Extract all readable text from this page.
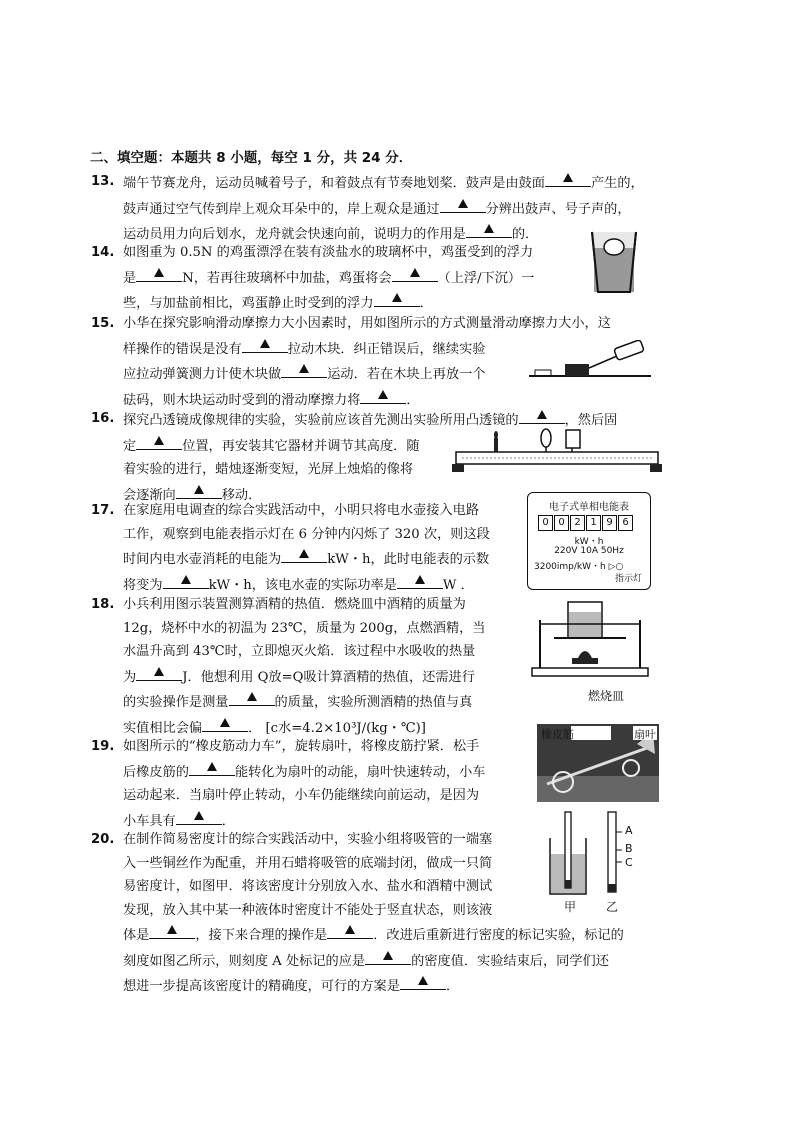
二、填空题：本题共 8 小题，每空 1 分，共 24 分．
13. 端午节赛龙舟，运动员喊着号子，和着鼓点有节奏地划桨．鼓声是由鼓面	产生的，
鼓声通过空气传到岸上观众耳朵中的，岸上观众是通过	分辨出鼓声、号子声的，
运动员用力向后划水，龙舟就会快速向前，说明力的作用是	的．
14. 如图重为 0.5N 的鸡蛋漂浮在装有淡盐水的玻璃杯中，鸡蛋受到的浮力
是	N，若再往玻璃杯中加盐，鸡蛋将会	（上浮/下沉）一
些，与加盐前相比，鸡蛋静止时受到的浮力	．
15. 小华在探究影响滑动摩擦力大小因素时，用如图所示的方式测量滑动摩擦力大小，这
样操作的错误是没有	拉动木块．纠正错误后，继续实验
应拉动弹簧测力计使木块做	运动．若在木块上再放一个
砝码，则木块运动时受到的滑动摩擦力将	．
16. 探究凸透镜成像规律的实验，实验前应该首先测出实验所用凸透镜的	，然后固
定	位置，再安装其它器材并调节其高度．随
着实验的进行，蜡烛逐渐变短，光屏上烛焰的像将
会逐渐向	移动．
17. 在家庭用电调查的综合实践活动中，小明只将电水壶接入电路
工作，观察到电能表指示灯在 6 分钟内闪烁了 320 次，则这段
时间内电水壶消耗的电能为	kW・h，此时电能表的示数
将变为	kW・h，该电水壶的实际功率是	W ．
18. 小兵利用图示装置测算酒精的热值．燃烧皿中酒精的质量为
12g，烧杯中水的初温为 23℃，质量为 200g，点燃酒精，当
水温升高到 43℃时，立即熄灭火焰．该过程中水吸收的热量
为	J．他想利用 Q放=Q吸计算酒精的热值，还需进行
的实验操作是测量	的质量，实验所测酒精的热值与真
实值相比会偏	． [c水=4.2×10³J/(kg・℃)]
19. 如图所示的“橡皮筋动力车”，旋转扇叶，将橡皮筋拧紧．松手
后橡皮筋的	能转化为扇叶的动能，扇叶快速转动，小车
运动起来．当扇叶停止转动，小车仍能继续向前运动，是因为
小车具有	．
20. 在制作简易密度计的综合实践活动中，实验小组将吸管的一端塞
入一些铜丝作为配重，并用石蜡将吸管的底端封闭，做成一只简
易密度计，如图甲．将该密度计分别放入水、盐水和酒精中测试
发现，放入其中某一种液体时密度计不能处于竖直状态，则该液
体是	，接下来合理的操作是	．改进后重新进行密度的标记实验，标记的
刻度如图乙所示，则刻度 A 处标记的应是	的密度值．实验结束后，同学们还
想进一步提高该密度计的精确度，可行的方案是	．
电子式单相电能表
0 0 2 1 9 6
kW・h
220V 10A 50Hz
3200imp/kW・h ▷○
指示灯
燃烧皿
橡皮筋	扇叶
A
B
C
甲 乙
